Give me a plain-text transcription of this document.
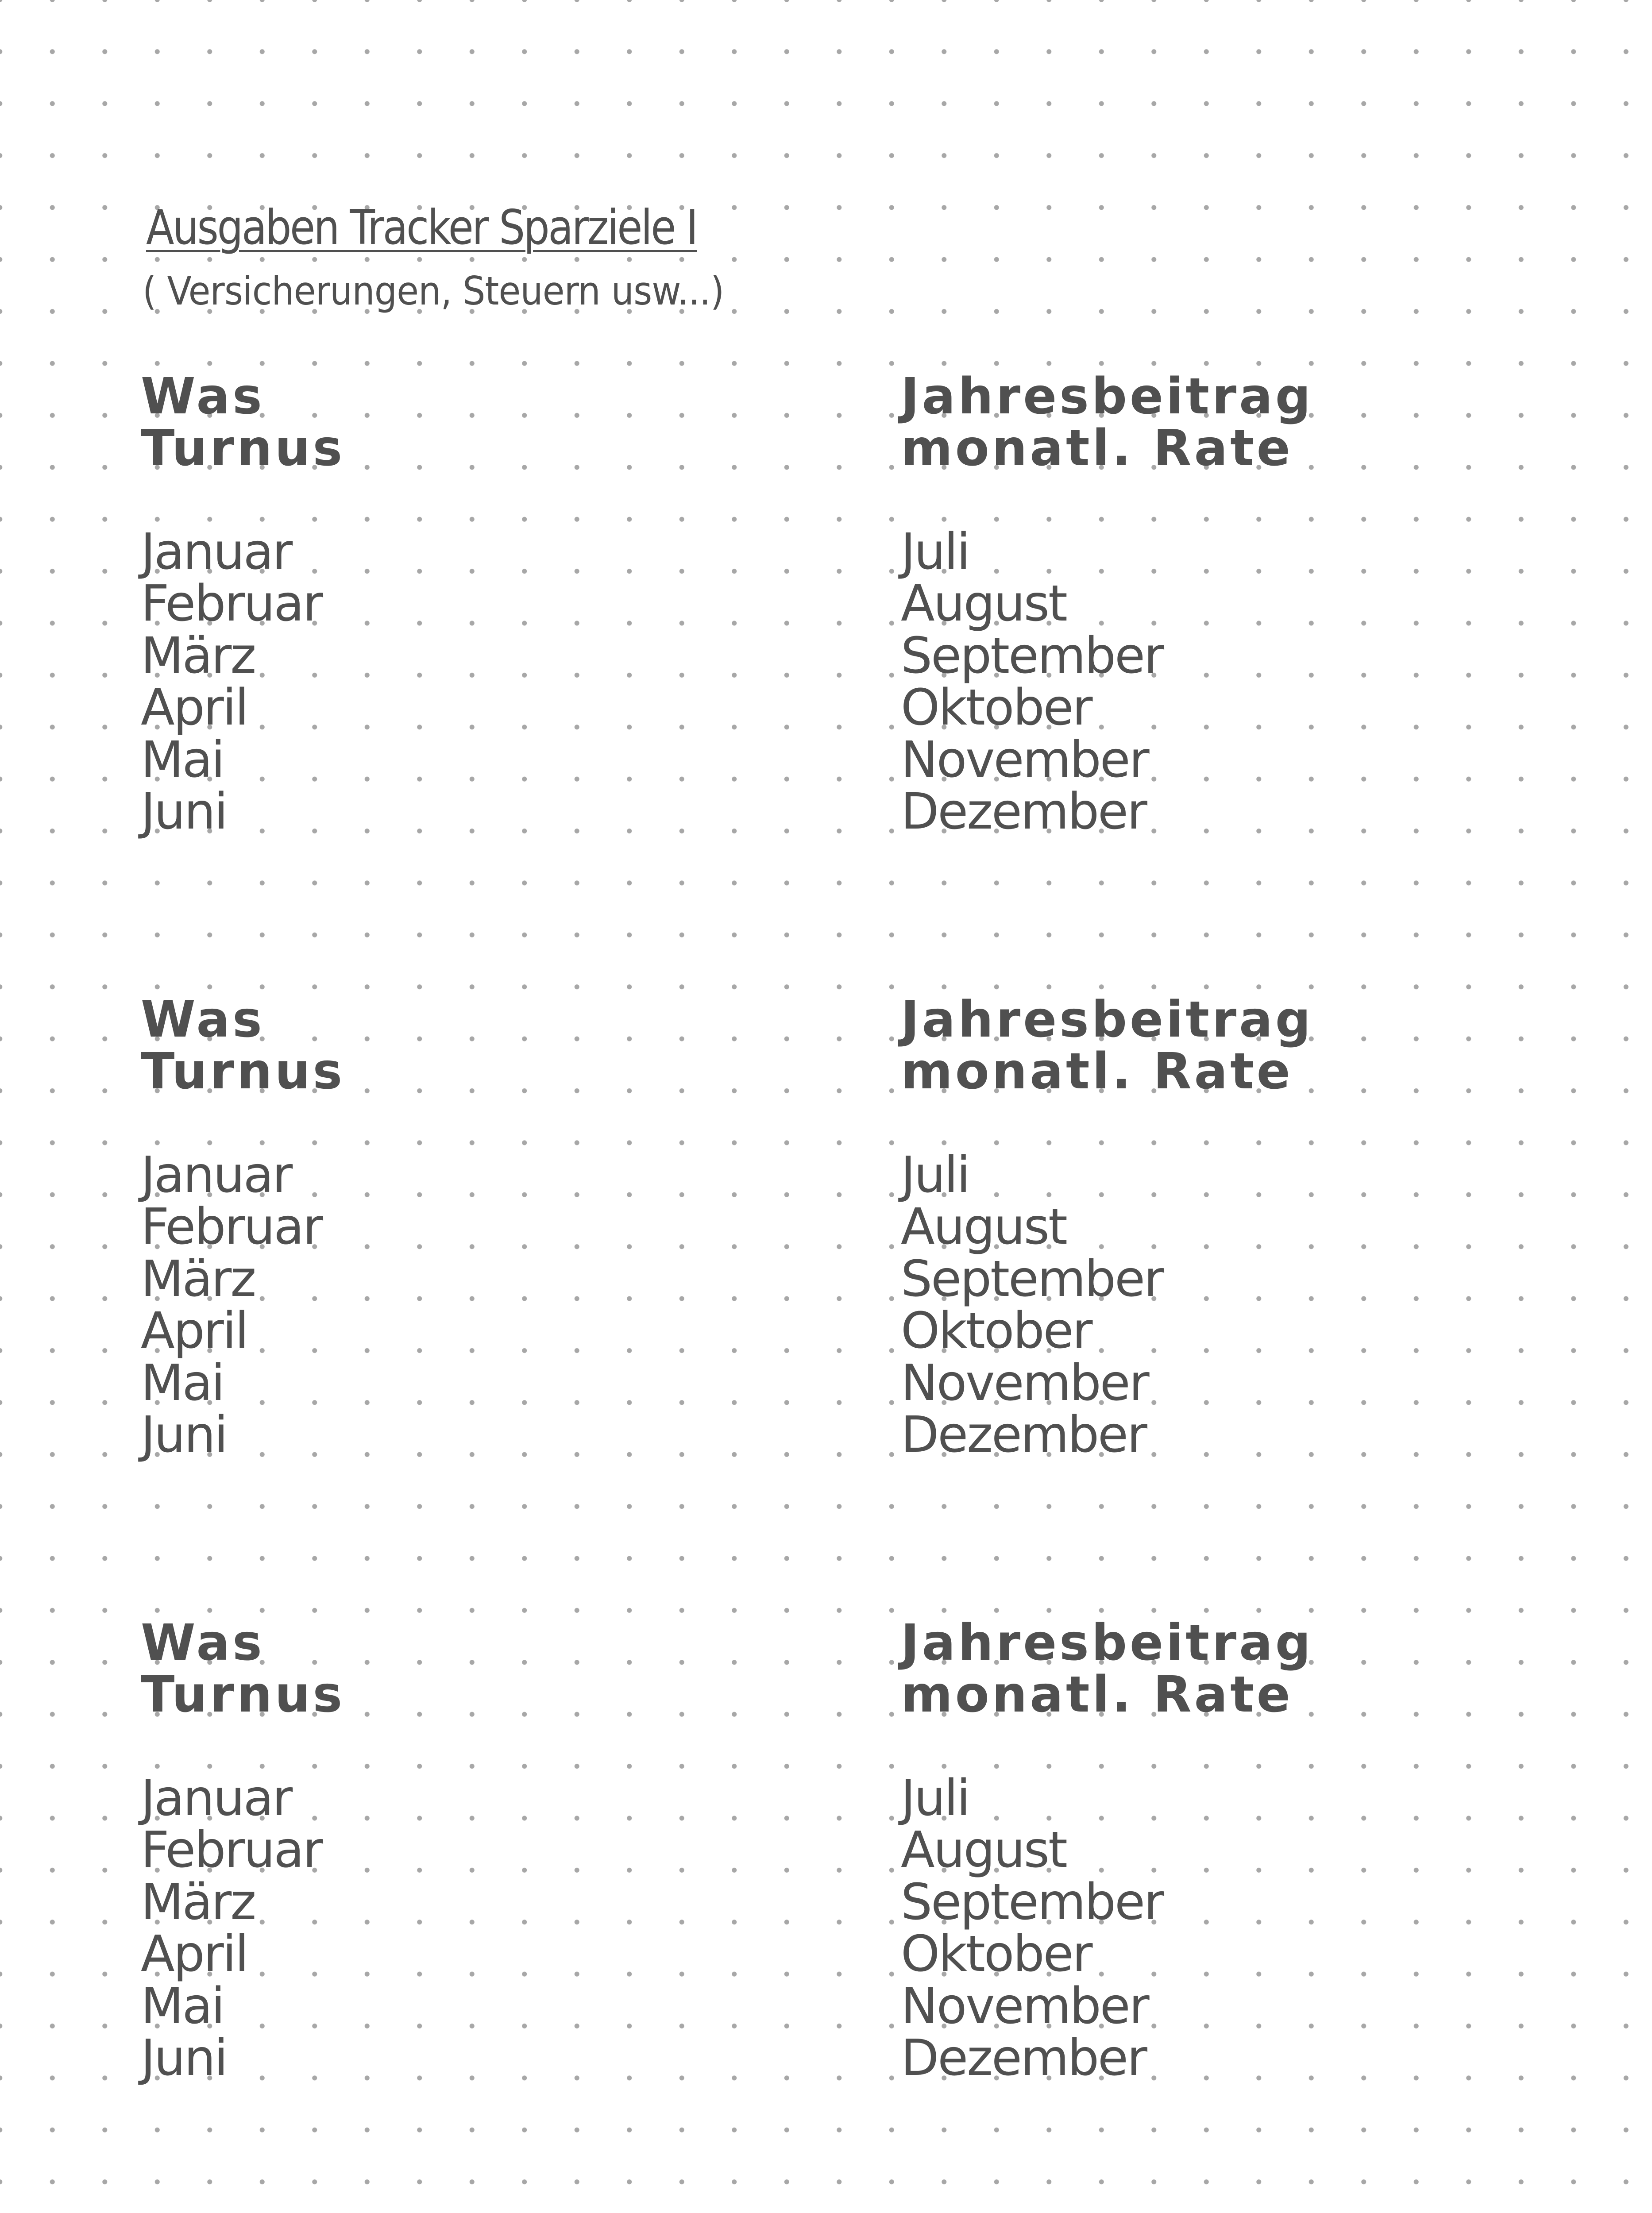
Ausgaben Tracker Sparziele I
( Versicherungen, Steuern usw...)
Was
Turnus
Januar
Februar
März
April
Mai
Juni
Jahresbeitrag
monatl. Rate
Juli
August
September
Oktober
November
Dezember
Was
Turnus
Januar
Februar
März
April
Mai
Juni
Jahresbeitrag
monatl. Rate
Juli
August
September
Oktober
November
Dezember
Was
Turnus
Januar
Februar
März
April
Mai
Juni
Jahresbeitrag
monatl. Rate
Juli
August
September
Oktober
November
Dezember
